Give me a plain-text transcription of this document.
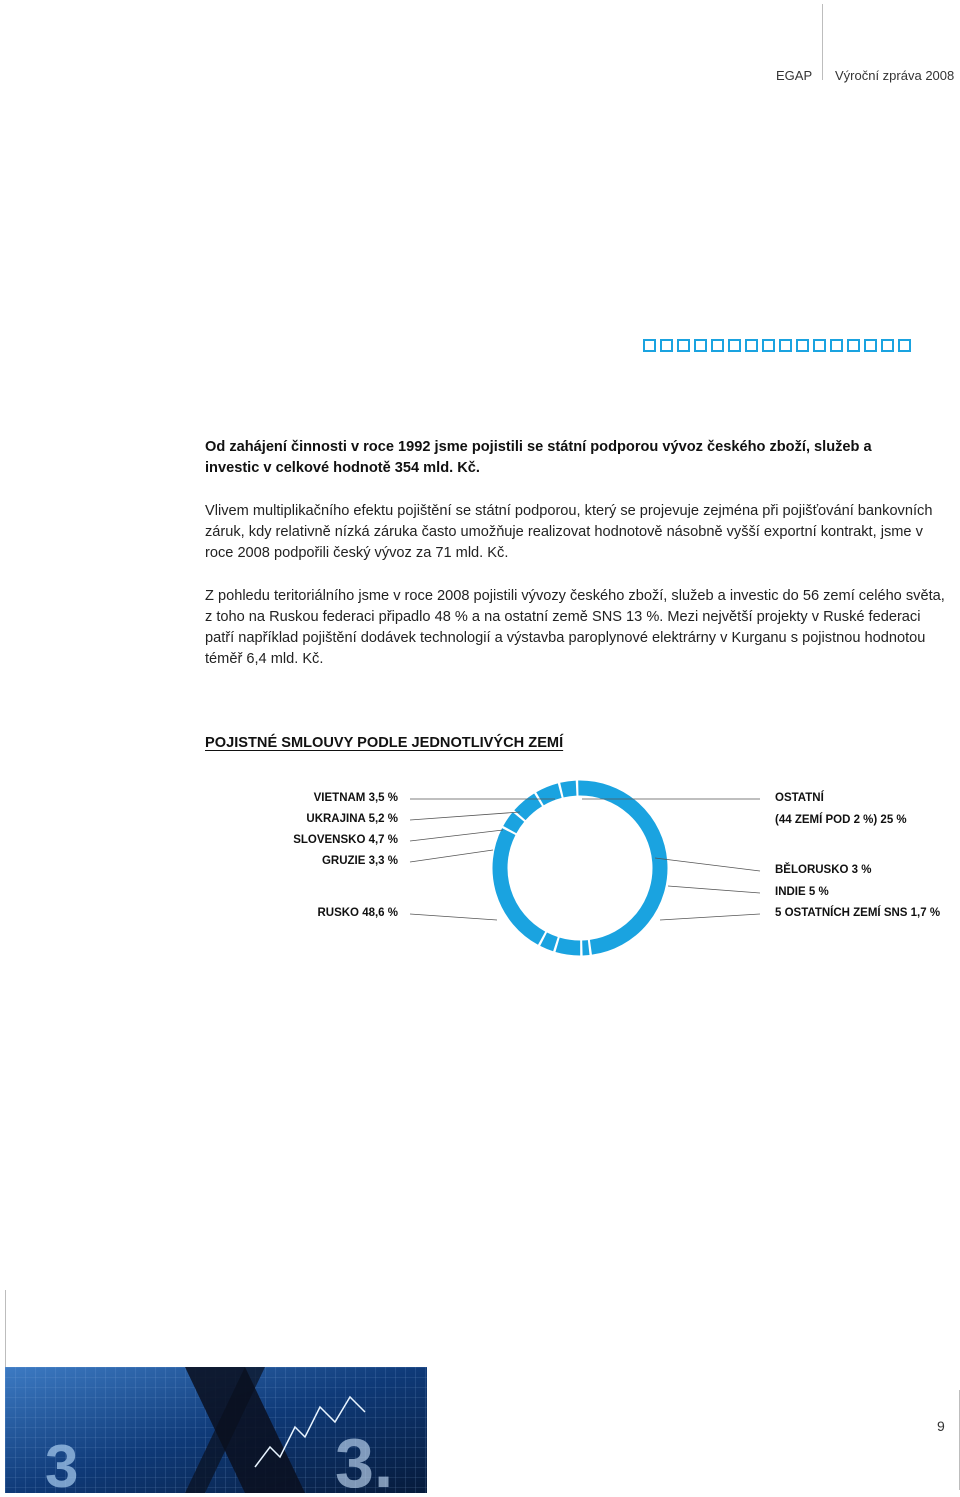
EGAP Výroční zpráva 2008
Od zahájení činnosti v roce 1992 jsme pojistili se státní podporou vývoz českého zboží, služeb a investic v celkové hodnotě 354 mld. Kč.
Vlivem multiplikačního efektu pojištění se státní podporou, který se projevuje zejména při pojišťování bankovních záruk, kdy relativně nízká záruka často umožňuje realizovat hodnotově násobně vyšší exportní kontrakt, jsme v roce 2008 podpořili český vývoz za 71 mld. Kč.
Z pohledu teritoriálního jsme v roce 2008 pojistili vývozy českého zboží, služeb a investic do 56 zemí celého světa, z toho na Ruskou federaci připadlo 48 % a na ostatní země SNS 13 %. Mezi největší projekty v Ruské federaci patří například pojištění dodávek technologií a výstavba paroplynové elektrárny v Kurganu s pojistnou hodnotou téměř 6,4 mld. Kč.
POJISTNÉ SMLOUVY PODLE JEDNOTLIVÝCH ZEMÍ
VIETNAM 3,5 %
UKRAJINA 5,2 %
SLOVENSKO 4,7 %
GRUZIE 3,3 %
RUSKO 48,6 %
OSTATNÍ
(44 ZEMÍ POD 2 %) 25 %
BĚLORUSKO 3 %
INDIE 5 %
5 OSTATNÍCH ZEMÍ SNS 1,7 %
3	3.	9
